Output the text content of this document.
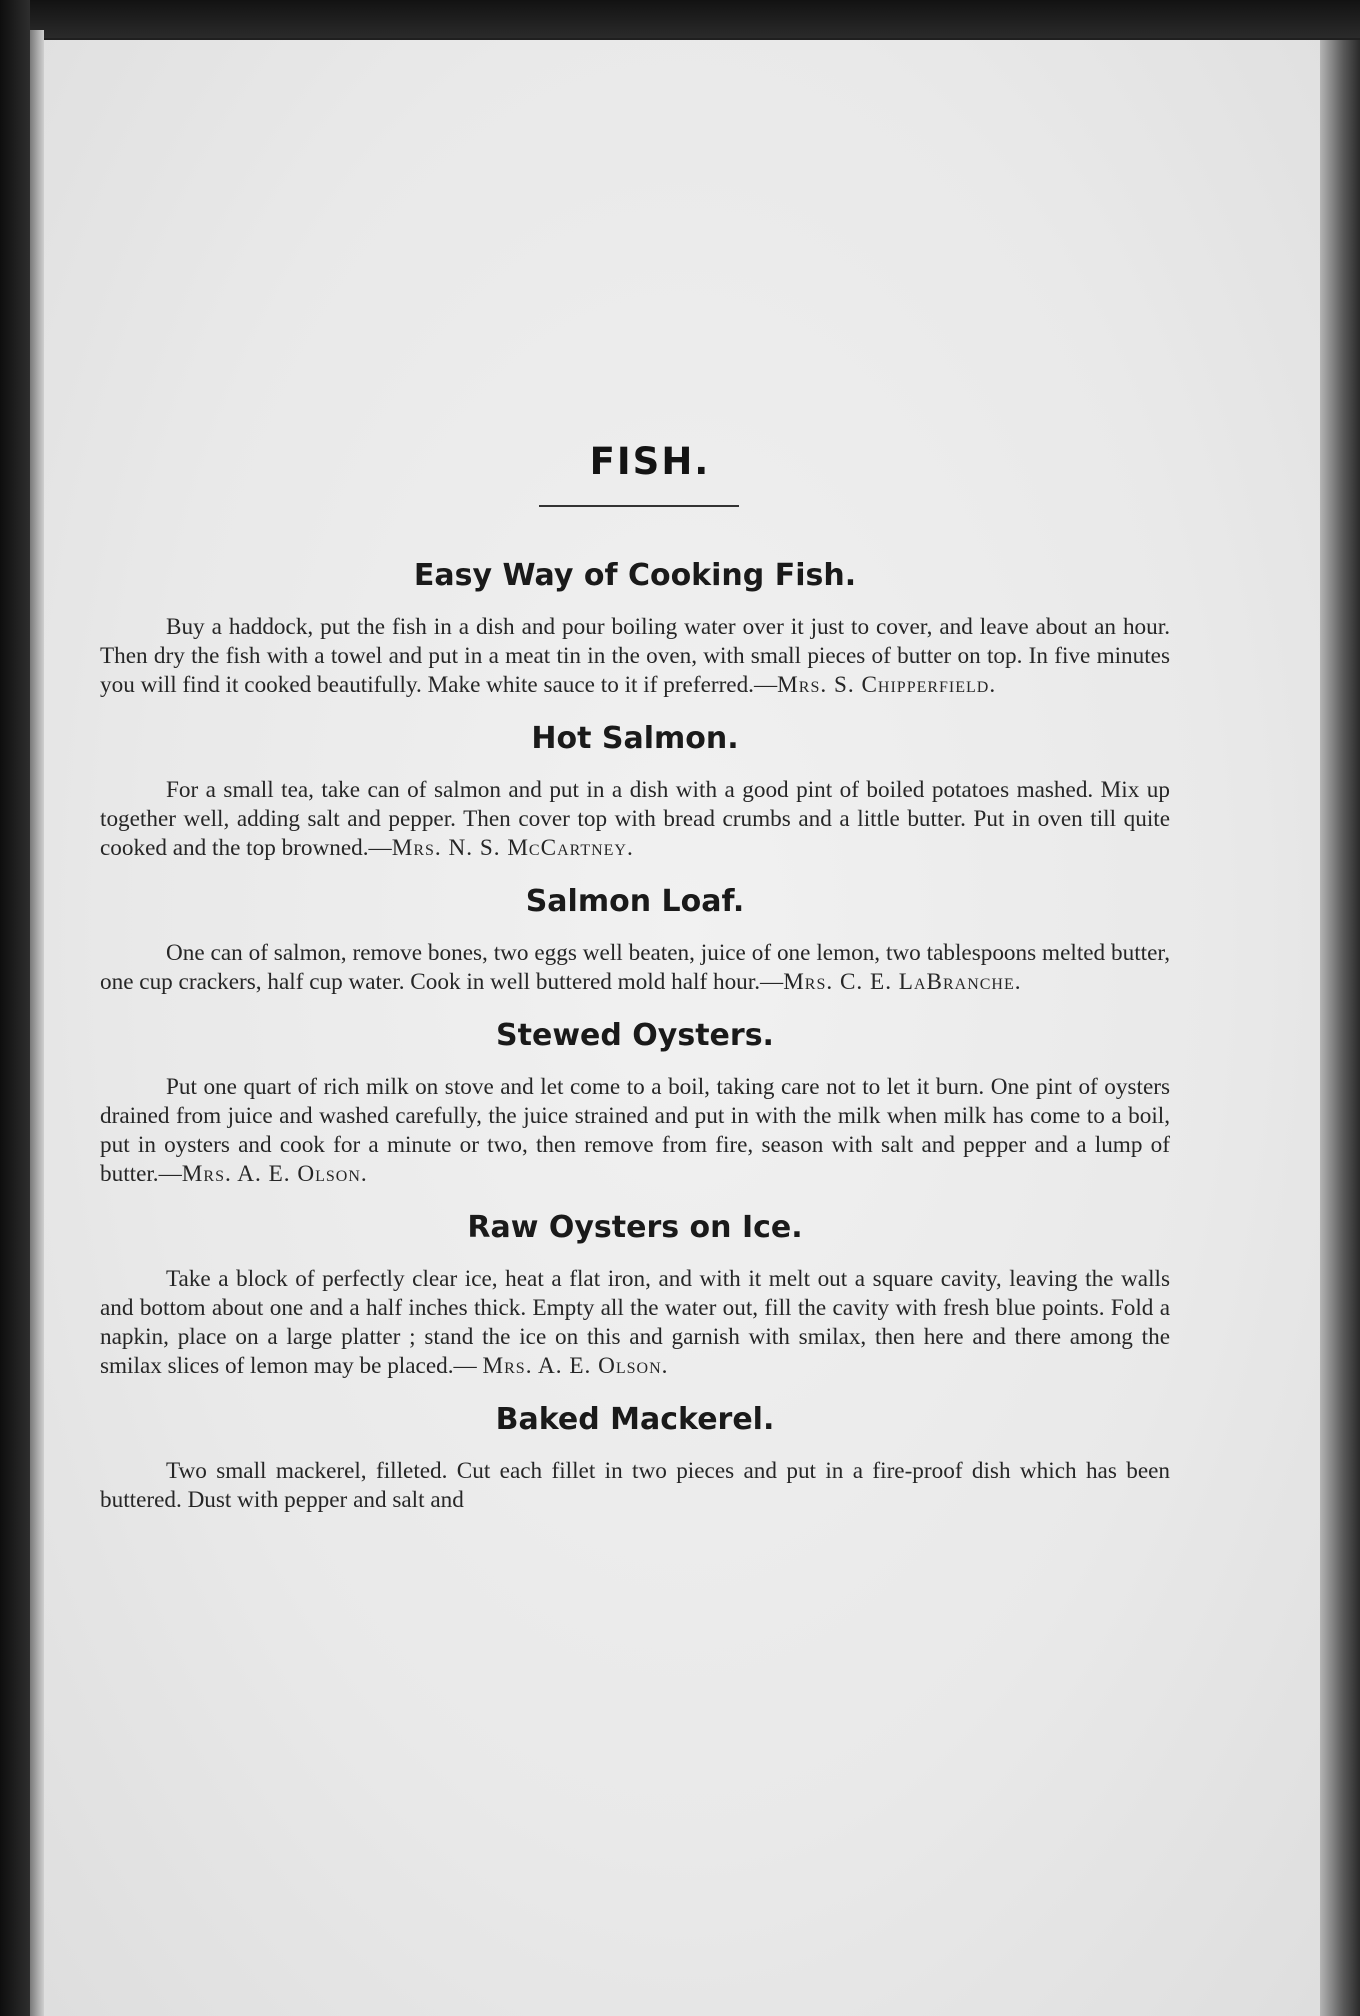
FISH.
Easy Way of Cooking Fish.

Buy a haddock, put the fish in a dish and pour boiling water over it just to cover, and leave about an hour. Then dry the fish with a towel and put in a meat tin in the oven, with small pieces of butter on top. In five minutes you will find it cooked beautifully. Make white sauce to it if preferred.—Mrs. S. Chipperfield.

Hot Salmon.

For a small tea, take can of salmon and put in a dish with a good pint of boiled potatoes mashed. Mix up together well, adding salt and pepper. Then cover top with bread crumbs and a little butter. Put in oven till quite cooked and the top browned.—Mrs. N. S. McCartney.

Salmon Loaf.

One can of salmon, remove bones, two eggs well beaten, juice of one lemon, two tablespoons melted butter, one cup crackers, half cup water. Cook in well buttered mold half hour.—Mrs. C. E. LaBranche.

Stewed Oysters.

Put one quart of rich milk on stove and let come to a boil, taking care not to let it burn. One pint of oysters drained from juice and washed carefully, the juice strained and put in with the milk when milk has come to a boil, put in oysters and cook for a minute or two, then remove from fire, season with salt and pepper and a lump of butter.—Mrs. A. E. Olson.

Raw Oysters on Ice.

Take a block of perfectly clear ice, heat a flat iron, and with it melt out a square cavity, leaving the walls and bottom about one and a half inches thick. Empty all the water out, fill the cavity with fresh blue points. Fold a napkin, place on a large platter ; stand the ice on this and garnish with smilax, then here and there among the smilax slices of lemon may be placed.— Mrs. A. E. Olson.

Baked Mackerel.

Two small mackerel, filleted. Cut each fillet in two pieces and put in a fire-proof dish which has been buttered. Dust with pepper and salt and
